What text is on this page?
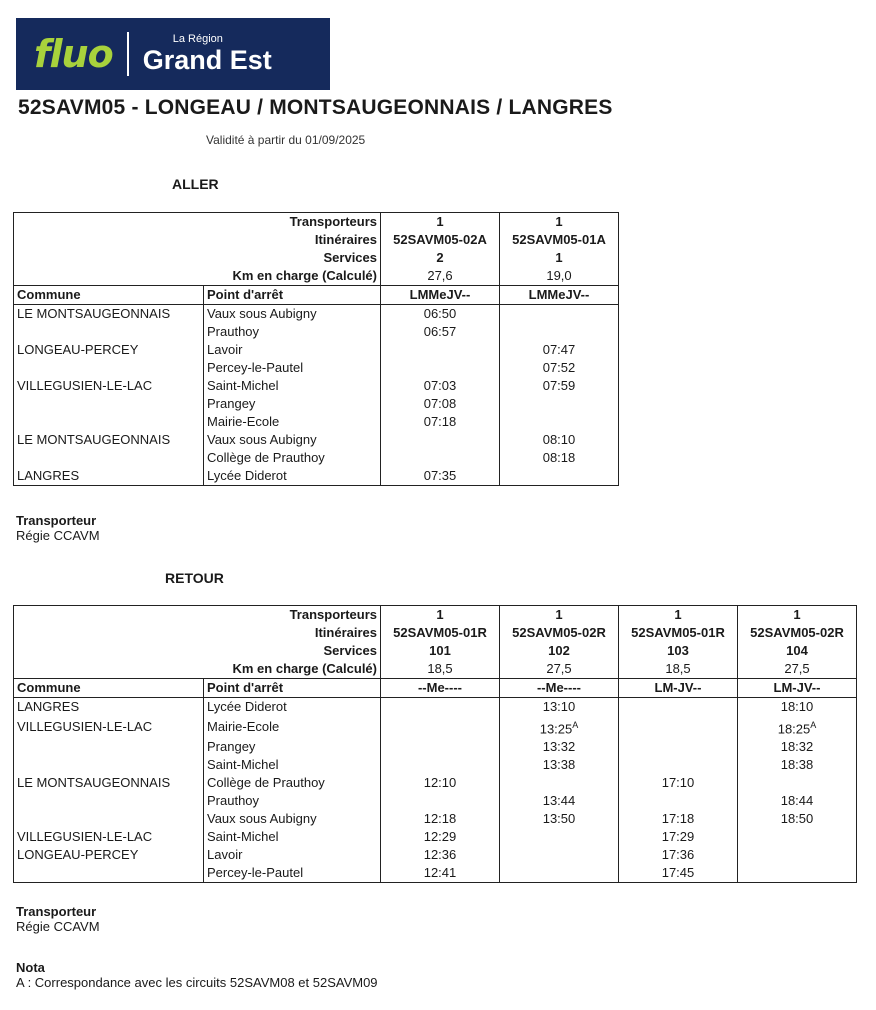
fluo	La Région
Grand Est
52SAVM05 - LONGEAU / MONTSAUGEONNAIS / LANGRES
Validité à partir du 01/09/2025
ALLER
Transporteurs		1	1
Itinéraires		52SAVM05-02A	52SAVM05-01A
Services		2	1
Km en charge (Calculé)		27,6	19,0
Commune	Point d'arrêt	LMMeJV--	LMMeJV--
LE MONTSAUGEONNAIS	Vaux sous Aubigny	06:50	
	Prauthoy	06:57	
LONGEAU-PERCEY	Lavoir		07:47
	Percey-le-Pautel		07:52
VILLEGUSIEN-LE-LAC	Saint-Michel	07:03	07:59
	Prangey	07:08	
	Mairie-Ecole	07:18	
LE MONTSAUGEONNAIS	Vaux sous Aubigny		08:10
	Collège de Prauthoy		08:18
LANGRES	Lycée Diderot	07:35	
Transporteur
Régie CCAVM
RETOUR
Transporteurs		1	1	1	1
Itinéraires		52SAVM05-01R	52SAVM05-02R	52SAVM05-01R	52SAVM05-02R
Services		101	102	103	104
Km en charge (Calculé)		18,5	27,5	18,5	27,5
Commune	Point d'arrêt	--Me----	--Me----	LM-JV--	LM-JV--
LANGRES	Lycée Diderot		13:10		18:10
VILLEGUSIEN-LE-LAC	Mairie-Ecole		$13:25^A$		$18:25^A$
	Prangey		13:32		18:32
	Saint-Michel		13:38		18:38
LE MONTSAUGEONNAIS	Collège de Prauthoy	12:10		17:10	
	Prauthoy		13:44		18:44
	Vaux sous Aubigny	12:18	13:50	17:18	18:50
VILLEGUSIEN-LE-LAC	Saint-Michel	12:29		17:29	
LONGEAU-PERCEY	Lavoir	12:36		17:36	
	Percey-le-Pautel	12:41		17:45	
Transporteur
Régie CCAVM
Nota
A : Correspondance avec les circuits 52SAVM08 et 52SAVM09
